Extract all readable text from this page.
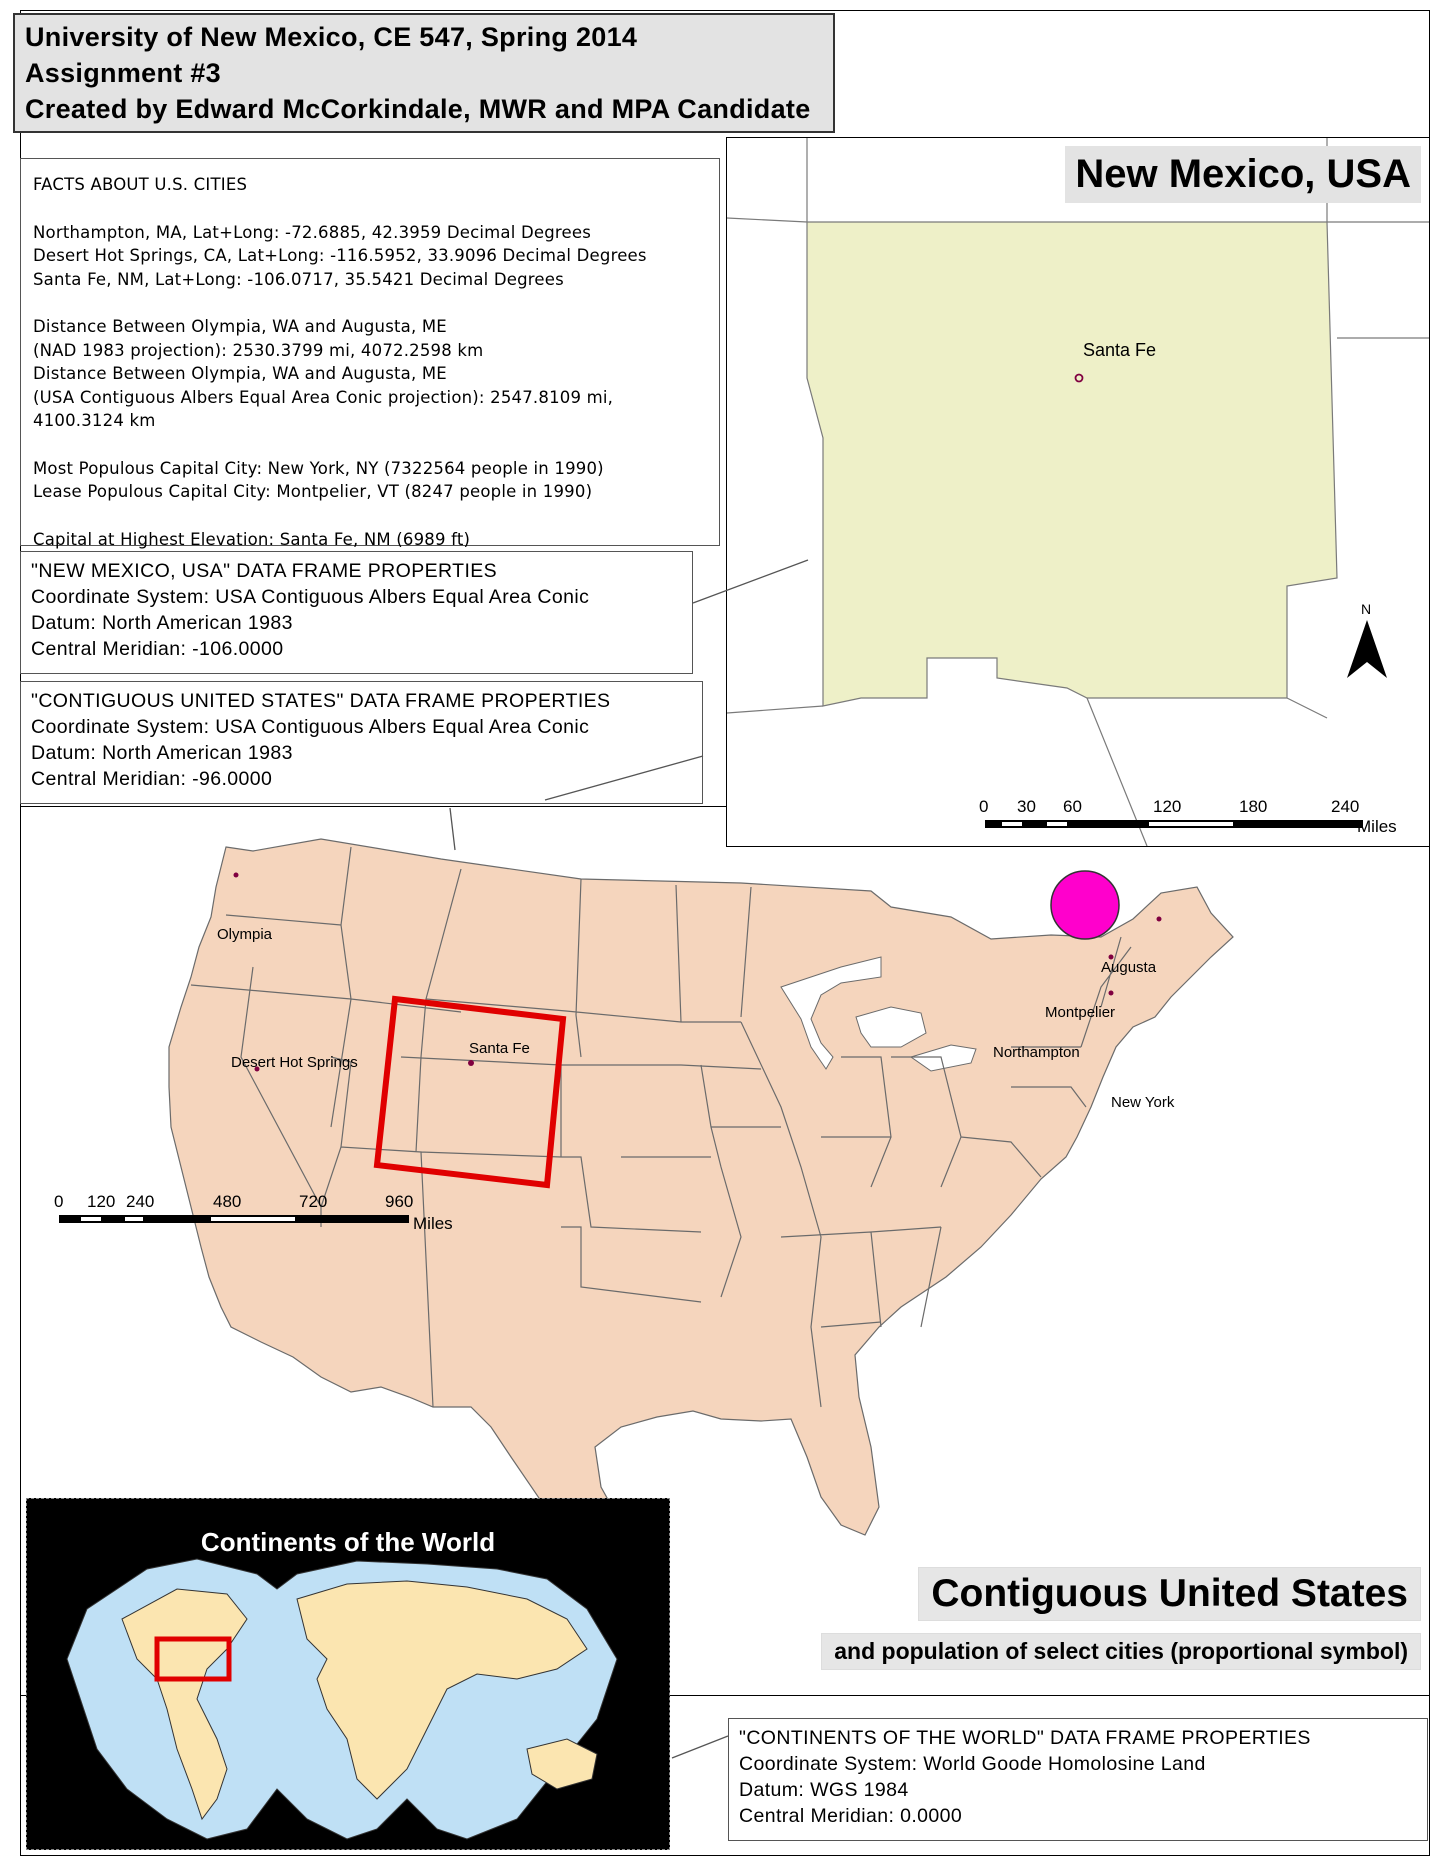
University of New Mexico, CE 547, Spring 2014
Assignment #3
Created by Edward McCorkindale, MWR and MPA Candidate
FACTS ABOUT U.S. CITIES
Northampton, MA, Lat+Long: -72.6885, 42.3959 Decimal Degrees
Desert Hot Springs, CA, Lat+Long: -116.5952, 33.9096 Decimal Degrees
Santa Fe, NM, Lat+Long: -106.0717, 35.5421 Decimal Degrees
Distance Between Olympia, WA and Augusta, ME
(NAD 1983 projection): 2530.3799 mi, 4072.2598 km
Distance Between Olympia, WA and Augusta, ME
(USA Contiguous Albers Equal Area Conic projection): 2547.8109 mi,
4100.3124 km
Most Populous Capital City: New York, NY (7322564 people in 1990)
Lease Populous Capital City: Montpelier, VT (8247 people in 1990)
Capital at Highest Elevation: Santa Fe, NM (6989 ft)
"NEW MEXICO, USA" DATA FRAME PROPERTIES
Coordinate System: USA Contiguous Albers Equal Area Conic
Datum: North American 1983
Central Meridian: -106.0000
"CONTIGUOUS UNITED STATES" DATA FRAME PROPERTIES
Coordinate System: USA Contiguous Albers Equal Area Conic
Datum: North American 1983
Central Meridian: -96.0000
Olympia
Augusta
Montpelier
Northampton
New York
Desert Hot Springs
Santa Fe
0 120 240	480	720	960
Miles
Contiguous United States
and population of select cities (proportional symbol)
Santa Fe
N
0 30 60	120	180	240
Miles
New Mexico, USA
Continents of the World
"CONTINENTS OF THE WORLD" DATA FRAME PROPERTIES
Coordinate System: World Goode Homolosine Land
Datum: WGS 1984
Central Meridian: 0.0000
